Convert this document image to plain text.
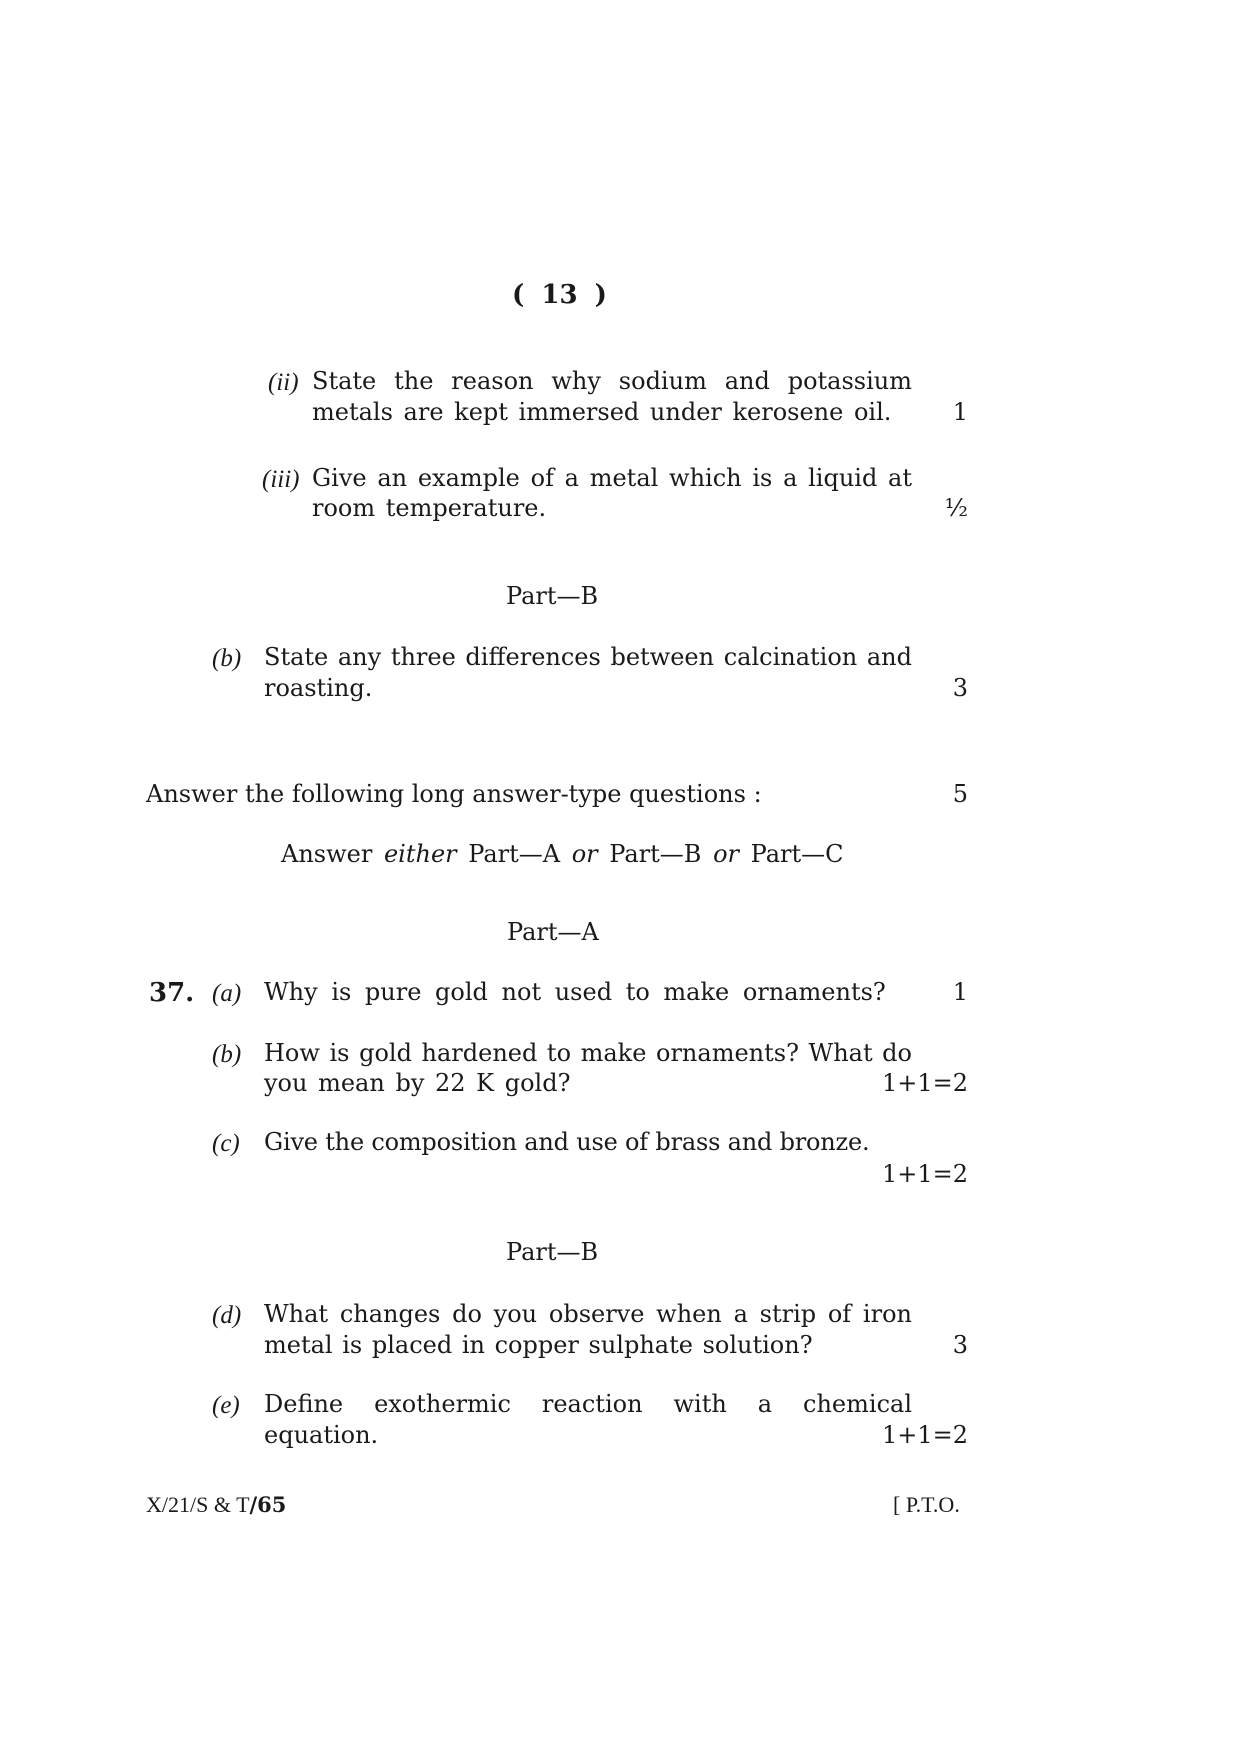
( 13 )
(ii) State the reason why sodium and potassium
metals are kept immersed under kerosene oil.	1
(iii) Give an example of a metal which is a liquid at
room temperature.	½
Part—B
(b) State any three differences between calcination and
roasting.	3
Answer the following long answer-type questions :	5
Answer either Part—A or Part—B or Part—C
Part—A
37. (a) Why is pure gold not used to make ornaments?	1
(b) How is gold hardened to make ornaments? What do
you mean by 22 K gold?	1+1=2
(c) Give the composition and use of brass and bronze.
1+1=2
Part—B
(d) What changes do you observe when a strip of iron
metal is placed in copper sulphate solution?	3
(e) Define exothermic reaction with a chemical
equation.	1+1=2
X/21/S & T/65	[ P.T.O.
